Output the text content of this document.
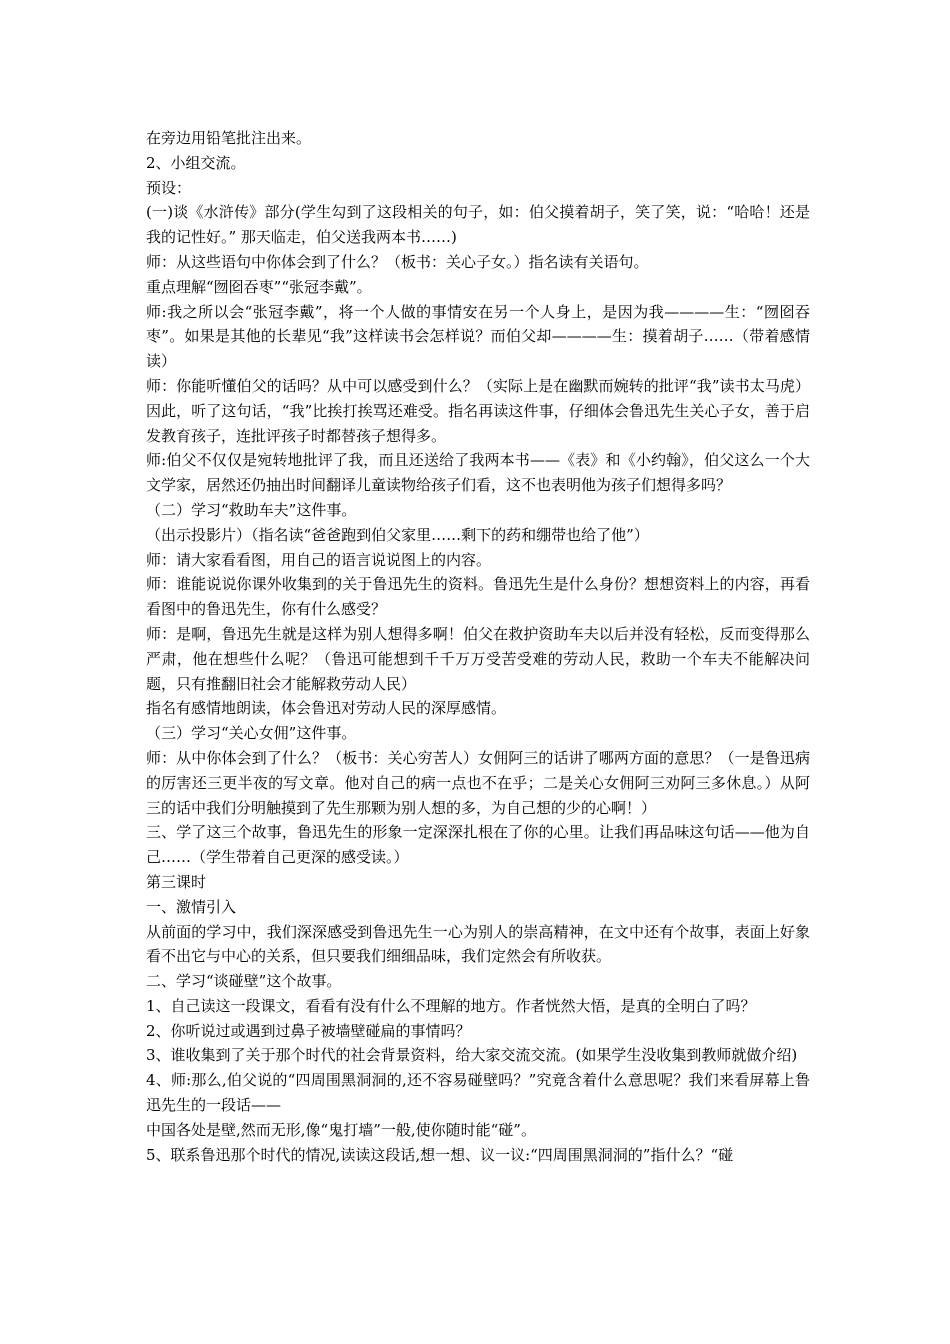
在旁边用铅笔批注出来。

2、小组交流。

预设：

(一)谈《水浒传》部分(学生勾到了这段相关的句子，如：伯父摸着胡子，笑了笑，说：“哈哈！还是我的记性好。” 那天临走，伯父送我两本书……)

师：从这些语句中你体会到了什么？（板书：关心子女。）指名读有关语句。

重点理解“囫囵吞枣”“张冠李戴”。

师:我之所以会“张冠李戴”，将一个人做的事情安在另一个人身上，是因为我————生：“囫囵吞枣”。如果是其他的长辈见“我”这样读书会怎样说？而伯父却————生：摸着胡子……（带着感情读）

师：你能听懂伯父的话吗？从中可以感受到什么？（实际上是在幽默而婉转的批评“我”读书太马虎）因此，听了这句话，“我”比挨打挨骂还难受。指名再读这件事，仔细体会鲁迅先生关心子女，善于启发教育孩子，连批评孩子时都替孩子想得多。

师:伯父不仅仅是宛转地批评了我，而且还送给了我两本书——《表》和《小约翰》，伯父这么一个大文学家，居然还仍抽出时间翻译儿童读物给孩子们看，这不也表明他为孩子们想得多吗？

（二）学习“救助车夫”这件事。

（出示投影片）（指名读“爸爸跑到伯父家里……剩下的药和绷带也给了他”）

师：请大家看看图，用自己的语言说说图上的内容。

师：谁能说说你课外收集到的关于鲁迅先生的资料。鲁迅先生是什么身份？想想资料上的内容，再看看图中的鲁迅先生，你有什么感受？

师：是啊，鲁迅先生就是这样为别人想得多啊！伯父在救护资助车夫以后并没有轻松，反而变得那么严肃，他在想些什么呢？（鲁迅可能想到千千万万受苦受难的劳动人民，救助一个车夫不能解决问题，只有推翻旧社会才能解救劳动人民）

指名有感情地朗读，体会鲁迅对劳动人民的深厚感情。

（三）学习“关心女佣”这件事。

师：从中你体会到了什么？（板书：关心穷苦人）女佣阿三的话讲了哪两方面的意思？（一是鲁迅病的厉害还三更半夜的写文章。他对自己的病一点也不在乎；二是关心女佣阿三劝阿三多休息。）从阿三的话中我们分明触摸到了先生那颗为别人想的多，为自己想的少的心啊！）

三、学了这三个故事，鲁迅先生的形象一定深深扎根在了你的心里。让我们再品味这句话——他为自己……（学生带着自己更深的感受读。）

第三课时

一、激情引入

从前面的学习中，我们深深感受到鲁迅先生一心为别人的崇高精神，在文中还有个故事，表面上好象看不出它与中心的关系，但只要我们细细品味，我们定然会有所收获。

二、学习“谈碰壁”这个故事。

1、自己读这一段课文，看看有没有什么不理解的地方。作者恍然大悟，是真的全明白了吗？

2、你听说过或遇到过鼻子被墙壁碰扁的事情吗？

3、谁收集到了关于那个时代的社会背景资料，给大家交流交流。(如果学生没收集到教师就做介绍)

4、师:那么,伯父说的“四周围黑洞洞的,还不容易碰壁吗？”究竟含着什么意思呢？我们来看屏幕上鲁迅先生的一段话——

中国各处是壁,然而无形,像“鬼打墙”一般,使你随时能“碰”。

5、联系鲁迅那个时代的情况,读读这段话,想一想、议一议:“四周围黑洞洞的”指什么？“碰
